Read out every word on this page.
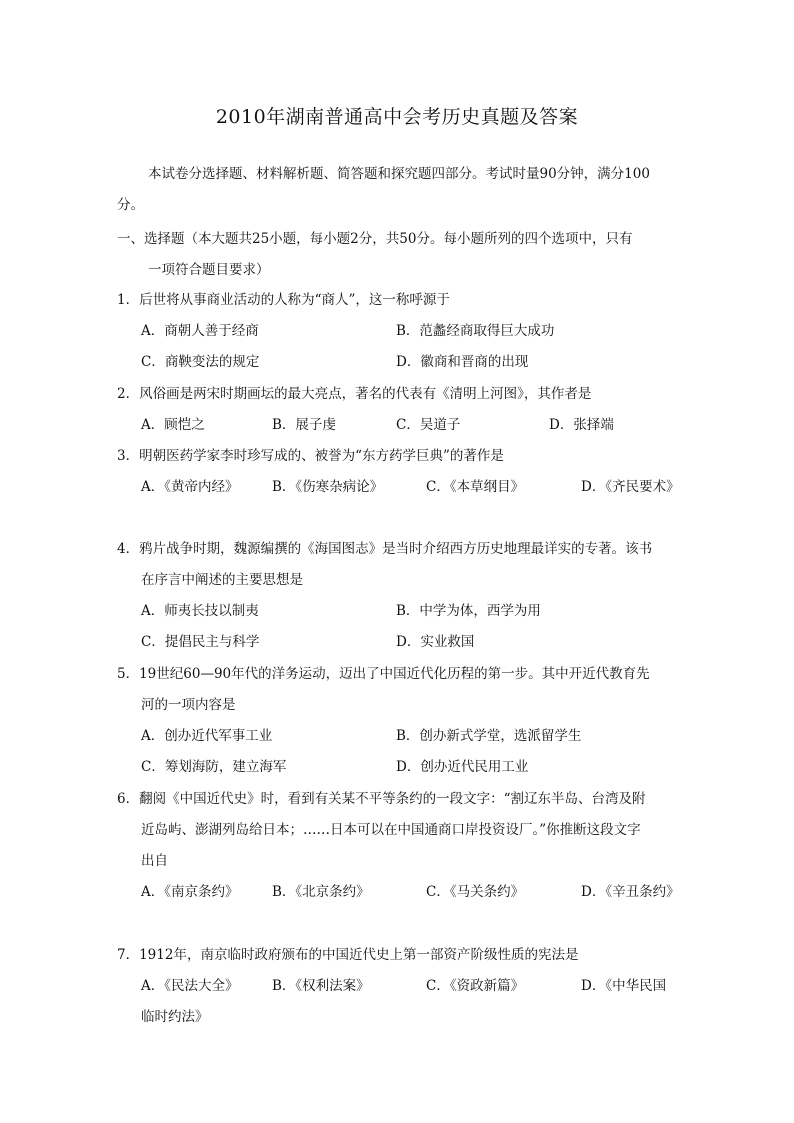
2010年湖南普通高中会考历史真题及答案
本试卷分选择题、材料解析题、简答题和探究题四部分。考试时量90分钟，满分100
分。
一、选择题（本大题共25小题，每小题2分，共50分。每小题所列的四个选项中，只有
一项符合题目要求）
1．后世将从事商业活动的人称为“商人”，这一称呼源于
A．商朝人善于经商	B．范蠡经商取得巨大成功
C．商鞅变法的规定	D．徽商和晋商的出现
2．风俗画是两宋时期画坛的最大亮点，著名的代表有《清明上河图》，其作者是
A．顾恺之	B．展子虔	C．吴道子	D．张择端
3．明朝医药学家李时珍写成的、被誉为“东方药学巨典”的著作是
A．《黄帝内经》 B．《伤寒杂病论》	C．《本草纲目》	D．《齐民要术》
4．鸦片战争时期，魏源编撰的《海国图志》是当时介绍西方历史地理最详实的专著。该书
在序言中阐述的主要思想是
A．师夷长技以制夷	B．中学为体，西学为用
C．提倡民主与科学	D．实业救国
5．19世纪60—90年代的洋务运动，迈出了中国近代化历程的第一步。其中开近代教育先
河的一项内容是
A．创办近代军事工业	B．创办新式学堂，选派留学生
C．筹划海防，建立海军	D．创办近代民用工业
6．翻阅《中国近代史》时，看到有关某不平等条约的一段文字：“割辽东半岛、台湾及附
近岛屿、澎湖列岛给日本；……日本可以在中国通商口岸投资设厂。”你推断这段文字
出自
A．《南京条约》 B．《北京条约》	C．《马关条约》	D．《辛丑条约》
7．1912年，南京临时政府颁布的中国近代史上第一部资产阶级性质的宪法是
A．《民法大全》 B．《权利法案》	C．《资政新篇》	D．《中华民国
临时约法》
